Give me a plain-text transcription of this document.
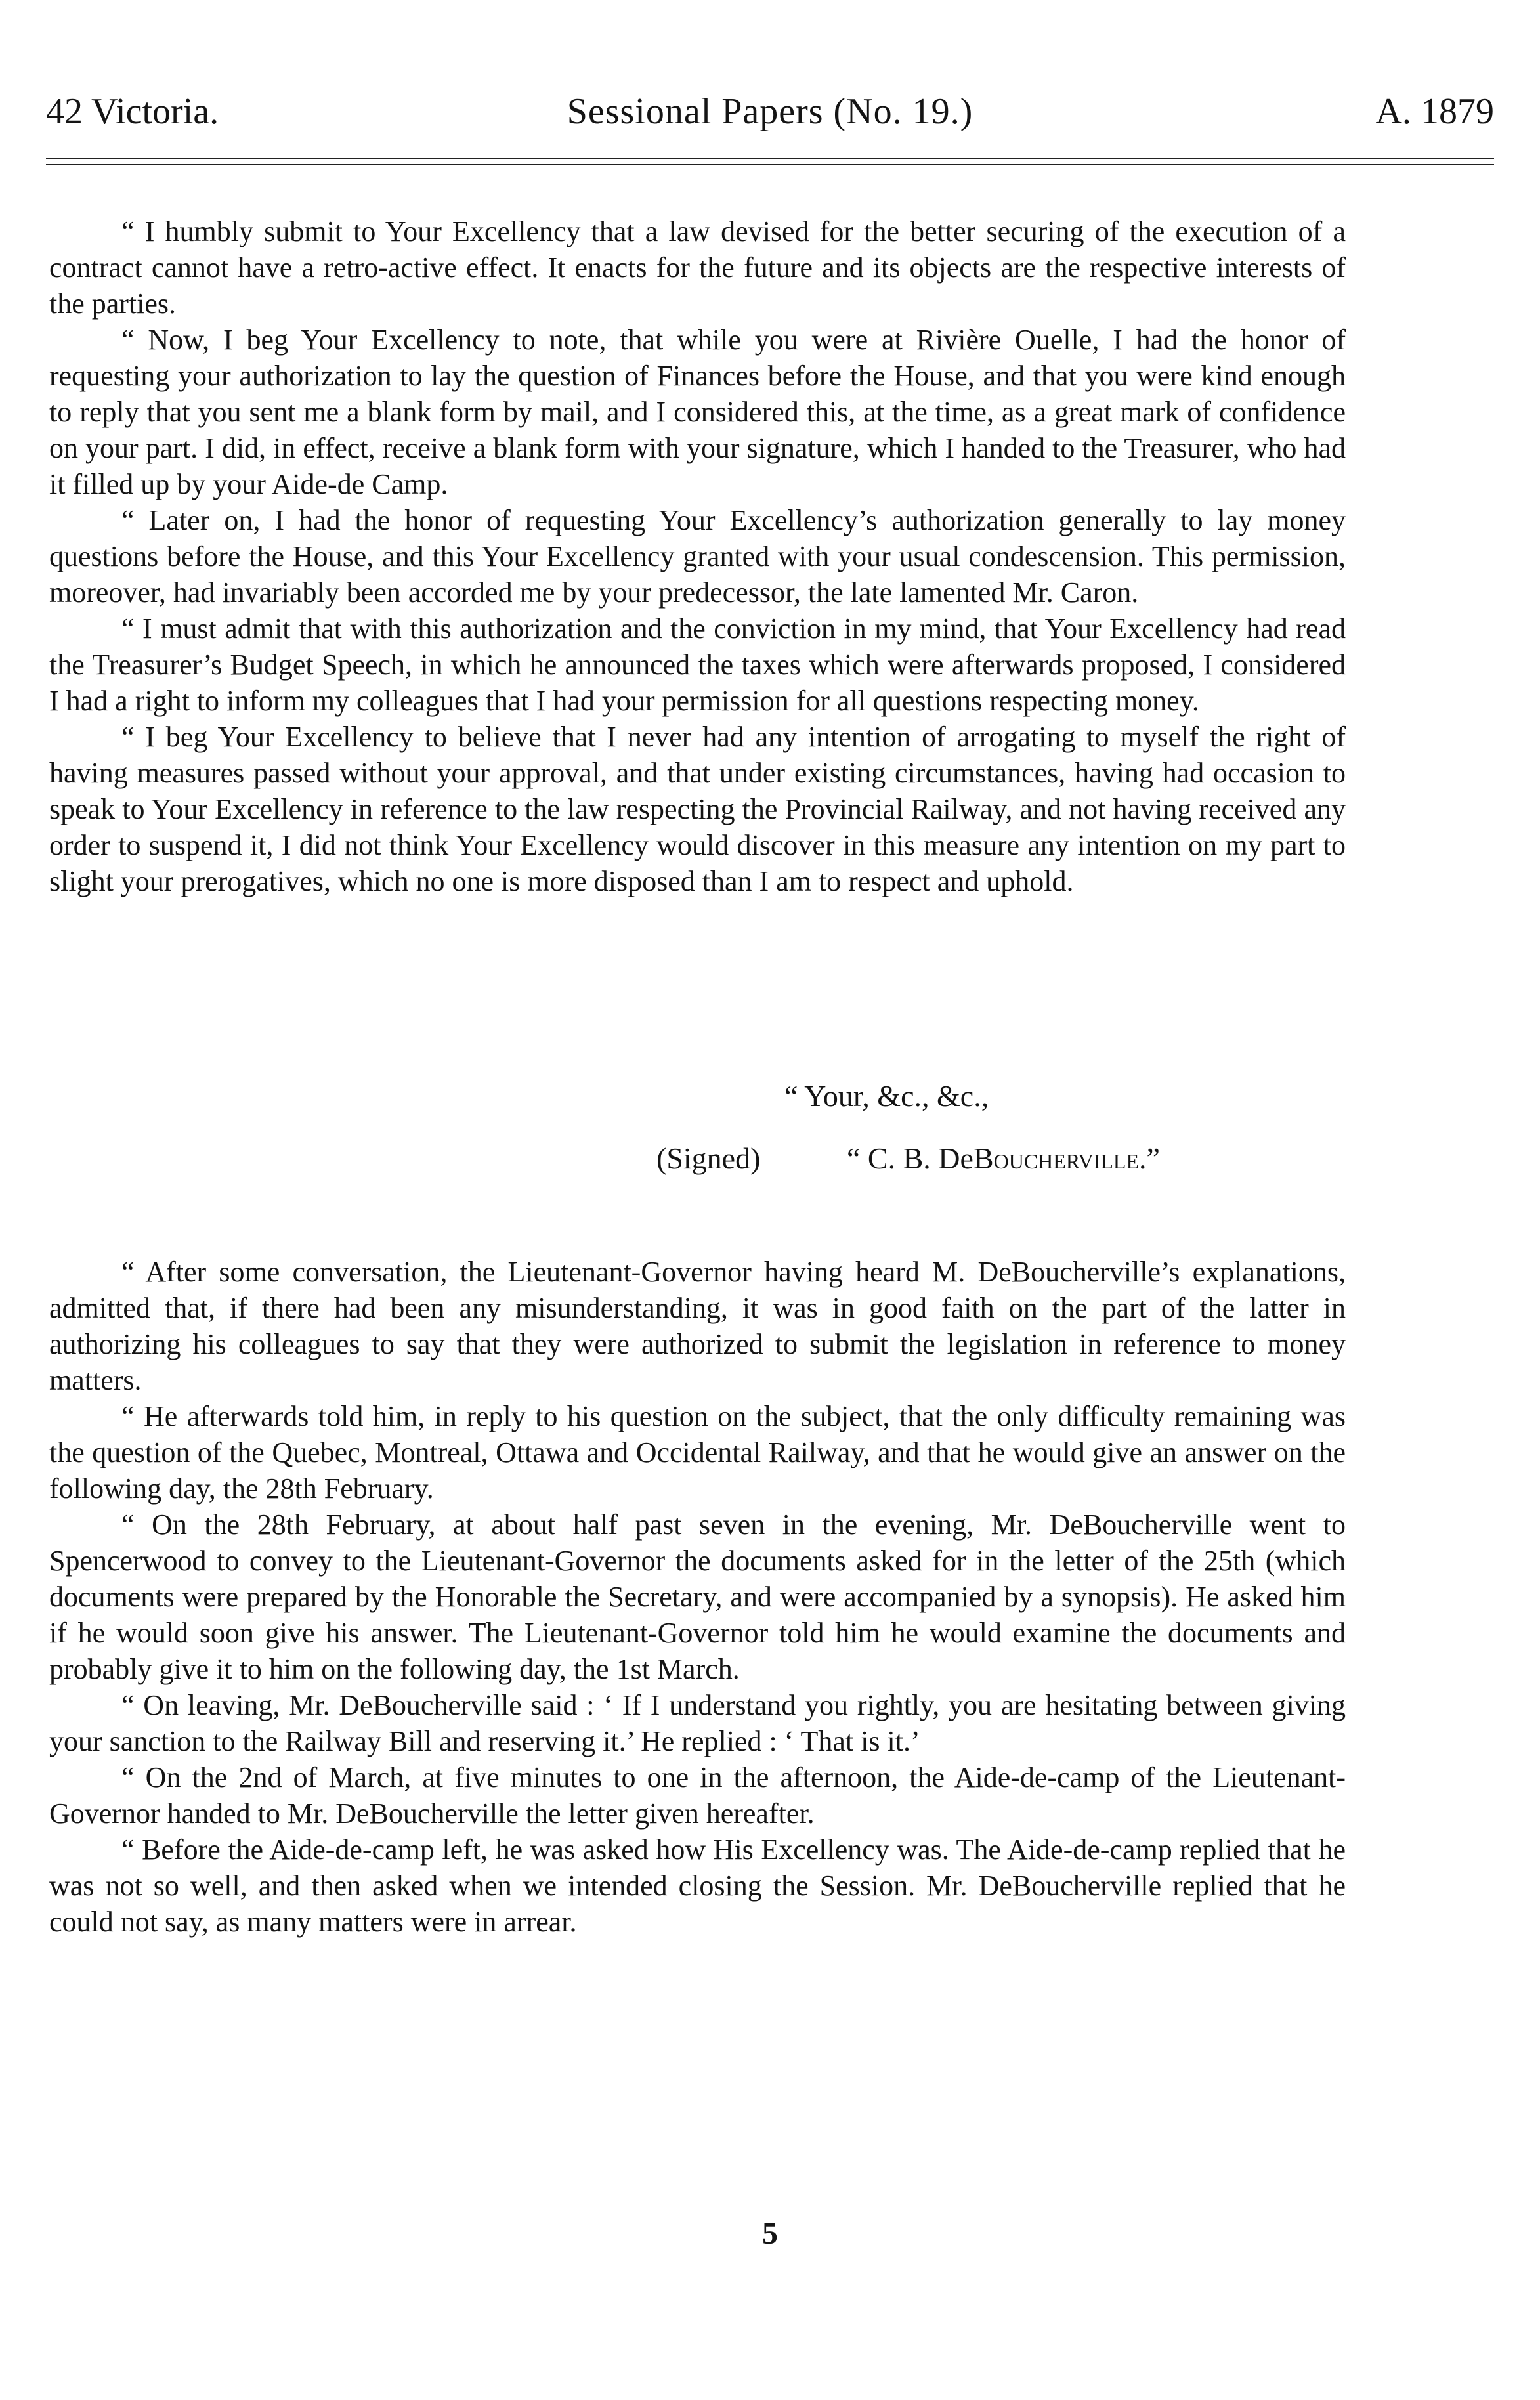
42 Victoria.	Sessional Papers (No. 19.)	A. 1879

“ I humbly submit to Your Excellency that a law devised for the better securing of the execution of a contract cannot have a retro-active effect. It enacts for the future and its objects are the respective interests of the parties.

“ Now, I beg Your Excellency to note, that while you were at Rivière Ouelle, I had the honor of requesting your authorization to lay the question of Finances before the House, and that you were kind enough to reply that you sent me a blank form by mail, and I considered this, at the time, as a great mark of confidence on your part. I did, in effect, receive a blank form with your signature, which I handed to the Treasurer, who had it filled up by your Aide-de Camp.

“ Later on, I had the honor of requesting Your Excellency’s authorization generally to lay money questions before the House, and this Your Excellency granted with your usual condescension. This permission, moreover, had invariably been accorded me by your predecessor, the late lamented Mr. Caron.

“ I must admit that with this authorization and the conviction in my mind, that Your Excellency had read the Treasurer’s Budget Speech, in which he announced the taxes which were afterwards proposed, I considered I had a right to inform my colleagues that I had your permission for all questions respecting money.

“ I beg Your Excellency to believe that I never had any intention of arrogating to myself the right of having measures passed without your approval, and that under existing circumstances, having had occasion to speak to Your Excellency in reference to the law respecting the Provincial Railway, and not having received any order to suspend it, I did not think Your Excellency would discover in this measure any intention on my part to slight your prerogatives, which no one is more disposed than I am to respect and uphold.

“ Your, &c., &c.,
(Signed)	“ C. B. DeBoucherville.”

“ After some conversation, the Lieutenant-Governor having heard M. DeBoucherville’s explanations, admitted that, if there had been any misunderstanding, it was in good faith on the part of the latter in authorizing his colleagues to say that they were authorized to submit the legislation in reference to money matters.

“ He afterwards told him, in reply to his question on the subject, that the only difficulty remaining was the question of the Quebec, Montreal, Ottawa and Occidental Railway, and that he would give an answer on the following day, the 28th February.

“ On the 28th February, at about half past seven in the evening, Mr. DeBoucherville went to Spencerwood to convey to the Lieutenant-Governor the documents asked for in the letter of the 25th (which documents were prepared by the Honorable the Secretary, and were accompanied by a synopsis). He asked him if he would soon give his answer. The Lieutenant-Governor told him he would examine the documents and probably give it to him on the following day, the 1st March.

“ On leaving, Mr. DeBoucherville said : ‘ If I understand you rightly, you are hesitating between giving your sanction to the Railway Bill and reserving it.’ He replied : ‘ That is it.’

“ On the 2nd of March, at five minutes to one in the afternoon, the Aide-de-camp of the Lieutenant-Governor handed to Mr. DeBoucherville the letter given hereafter.

“ Before the Aide-de-camp left, he was asked how His Excellency was. The Aide-de-camp replied that he was not so well, and then asked when we intended closing the Session. Mr. DeBoucherville replied that he could not say, as many matters were in arrear.

5
